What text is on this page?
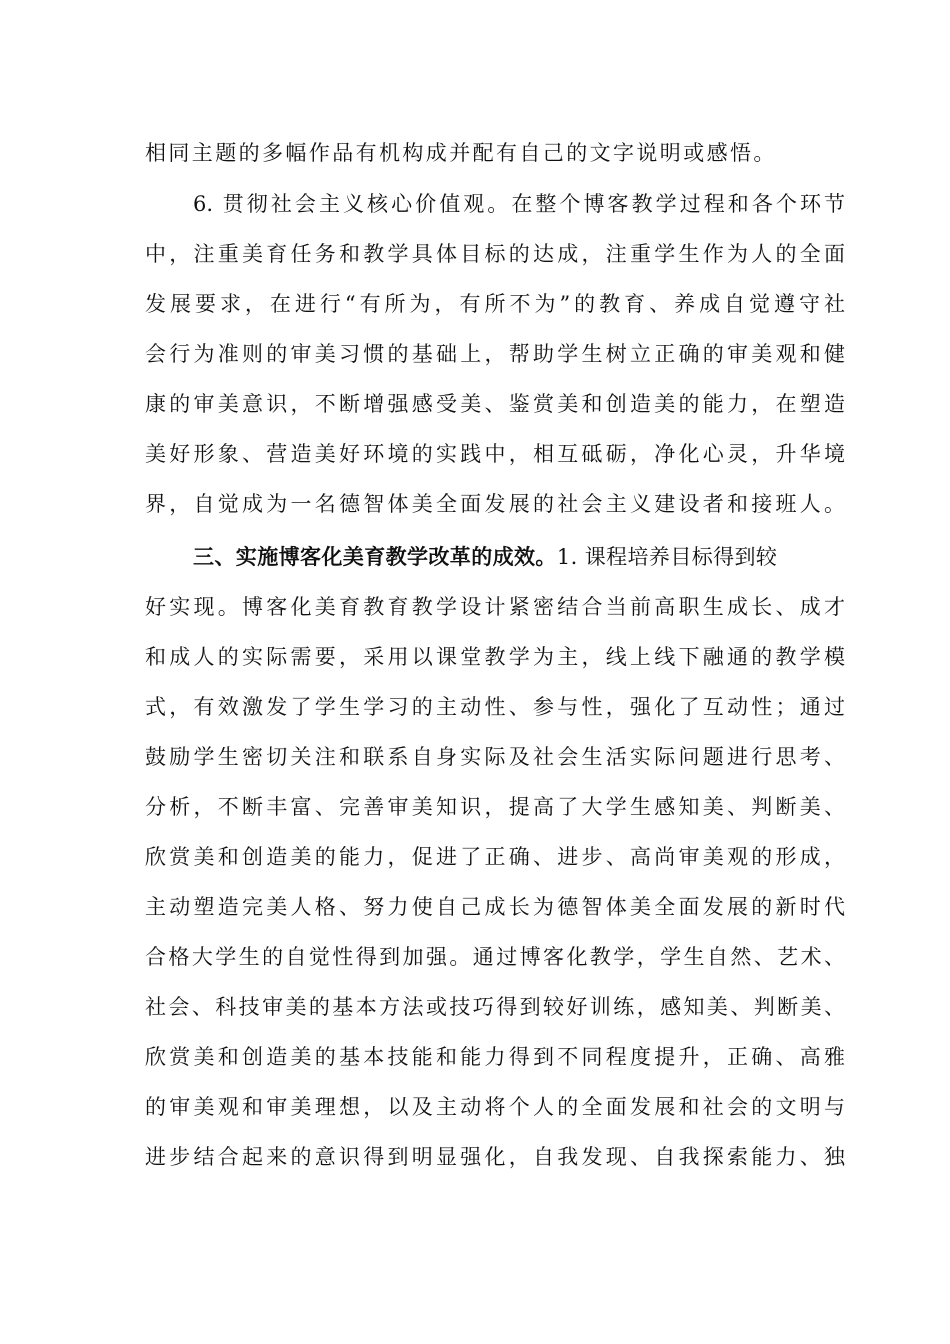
相同主题的多幅作品有机构成并配有自己的文字说明或感悟。
6. 贯彻社会主义核心价值观。在整个博客教学过程和各个环节
中，注重美育任务和教学具体目标的达成，注重学生作为人的全面
发展要求，在进行“有所为，有所不为”的教育、养成自觉遵守社
会行为准则的审美习惯的基础上，帮助学生树立正确的审美观和健
康的审美意识，不断增强感受美、鉴赏美和创造美的能力，在塑造
美好形象、营造美好环境的实践中，相互砥砺，净化心灵，升华境
界，自觉成为一名德智体美全面发展的社会主义建设者和接班人。
三、实施博客化美育教学改革的成效。1. 课程培养目标得到较
好实现。博客化美育教育教学设计紧密结合当前高职生成长、成才
和成人的实际需要，采用以课堂教学为主，线上线下融通的教学模
式，有效激发了学生学习的主动性、参与性，强化了互动性；通过
鼓励学生密切关注和联系自身实际及社会生活实际问题进行思考、
分析，不断丰富、完善审美知识，提高了大学生感知美、判断美、
欣赏美和创造美的能力，促进了正确、进步、高尚审美观的形成，
主动塑造完美人格、努力使自己成长为德智体美全面发展的新时代
合格大学生的自觉性得到加强。通过博客化教学，学生自然、艺术、
社会、科技审美的基本方法或技巧得到较好训练，感知美、判断美、
欣赏美和创造美的基本技能和能力得到不同程度提升，正确、高雅
的审美观和审美理想，以及主动将个人的全面发展和社会的文明与
进步结合起来的意识得到明显强化，自我发现、自我探索能力、独
